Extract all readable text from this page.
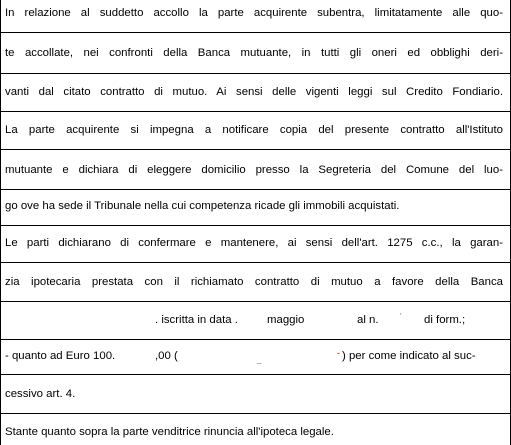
In relazione al suddetto accollo la parte acquirente subentra, limitatamente alle quo-
te accollate, nei confronti della Banca mutuante, in tutti gli oneri ed obblighi deri-
vanti dal citato contratto di mutuo. Ai sensi delle vigenti leggi sul Credito Fondiario.
La parte acquirente si impegna a notificare copia del presente contratto all'Istituto
mutuante e dichiara di eleggere domicilio presso la Segreteria del Comune del luo-
go ove ha sede il Tribunale nella cui competenza ricade gli immobili acquistati.
Le parti dichiarano di confermare e mantenere, ai sensi dell'art. 1275 c.c., la garan-
zia ipotecaria prestata con il richiamato contratto di mutuo a favore della Banca
. iscritta in data .	maggio	al n.	' di form.;
- quanto ad Euro 100.	,00 (	_
- ) per come indicato al suc-
cessivo art. 4.
Stante quanto sopra la parte venditrice rinuncia all'ipoteca legale.
